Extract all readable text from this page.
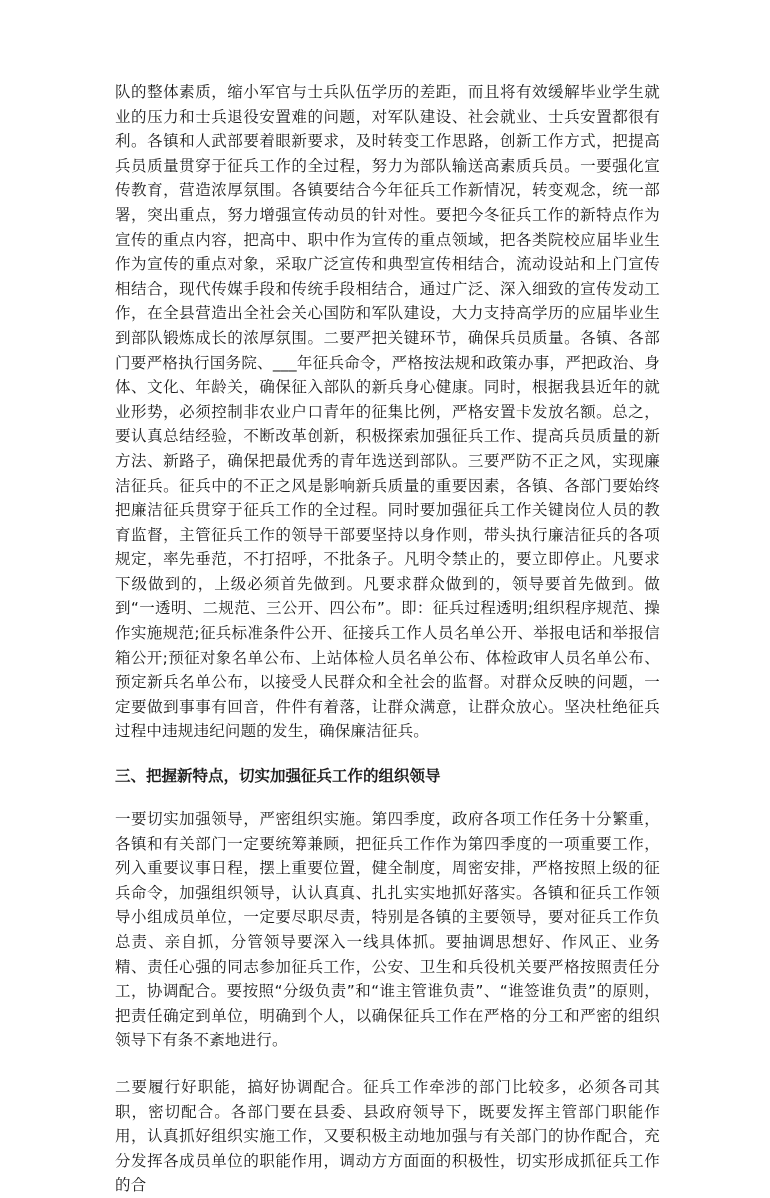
队的整体素质，缩小军官与士兵队伍学历的差距，而且将有效缓解毕业学生就业的压力和士兵退役安置难的问题，对军队建设、社会就业、士兵安置都很有利。各镇和人武部要着眼新要求，及时转变工作思路，创新工作方式，把提高兵员质量贯穿于征兵工作的全过程，努力为部队输送高素质兵员。一要强化宣传教育，营造浓厚氛围。各镇要结合今年征兵工作新情况，转变观念，统一部署，突出重点，努力增强宣传动员的针对性。要把今冬征兵工作的新特点作为宣传的重点内容，把高中、职中作为宣传的重点领域，把各类院校应届毕业生作为宣传的重点对象，采取广泛宣传和典型宣传相结合，流动设站和上门宣传相结合，现代传媒手段和传统手段相结合，通过广泛、深入细致的宣传发动工作，在全县营造出全社会关心国防和军队建设，大力支持高学历的应届毕业生到部队锻炼成长的浓厚氛围。二要严把关键环节，确保兵员质量。各镇、各部门要严格执行国务院、___年征兵命令，严格按法规和政策办事，严把政治、身体、文化、年龄关，确保征入部队的新兵身心健康。同时，根据我县近年的就业形势，必须控制非农业户口青年的征集比例，严格安置卡发放名额。总之，要认真总结经验，不断改革创新，积极探索加强征兵工作、提高兵员质量的新方法、新路子，确保把最优秀的青年选送到部队。三要严防不正之风，实现廉洁征兵。征兵中的不正之风是影响新兵质量的重要因素，各镇、各部门要始终把廉洁征兵贯穿于征兵工作的全过程。同时要加强征兵工作关键岗位人员的教育监督，主管征兵工作的领导干部要坚持以身作则，带头执行廉洁征兵的各项规定，率先垂范，不打招呼，不批条子。凡明令禁止的，要立即停止。凡要求下级做到的，上级必须首先做到。凡要求群众做到的，领导要首先做到。做到“一透明、二规范、三公开、四公布”。即：征兵过程透明;组织程序规范、操作实施规范;征兵标准条件公开、征接兵工作人员名单公开、举报电话和举报信箱公开;预征对象名单公布、上站体检人员名单公布、体检政审人员名单公布、预定新兵名单公布，以接受人民群众和全社会的监督。对群众反映的问题，一定要做到事事有回音，件件有着落，让群众满意，让群众放心。坚决杜绝征兵过程中违规违纪问题的发生，确保廉洁征兵。

三、把握新特点，切实加强征兵工作的组织领导

一要切实加强领导，严密组织实施。第四季度，政府各项工作任务十分繁重，各镇和有关部门一定要统筹兼顾，把征兵工作作为第四季度的一项重要工作，列入重要议事日程，摆上重要位置，健全制度，周密安排，严格按照上级的征兵命令，加强组织领导，认认真真、扎扎实实地抓好落实。各镇和征兵工作领导小组成员单位，一定要尽职尽责，特别是各镇的主要领导，要对征兵工作负总责、亲自抓，分管领导要深入一线具体抓。要抽调思想好、作风正、业务精、责任心强的同志参加征兵工作，公安、卫生和兵役机关要严格按照责任分工，协调配合。要按照“分级负责”和“谁主管谁负责”、“谁签谁负责”的原则，把责任确定到单位，明确到个人，以确保征兵工作在严格的分工和严密的组织领导下有条不紊地进行。

二要履行好职能，搞好协调配合。征兵工作牵涉的部门比较多，必须各司其职，密切配合。各部门要在县委、县政府领导下，既要发挥主管部门职能作用，认真抓好组织实施工作，又要积极主动地加强与有关部门的协作配合，充分发挥各成员单位的职能作用，调动方方面面的积极性，切实形成抓征兵工作的合
